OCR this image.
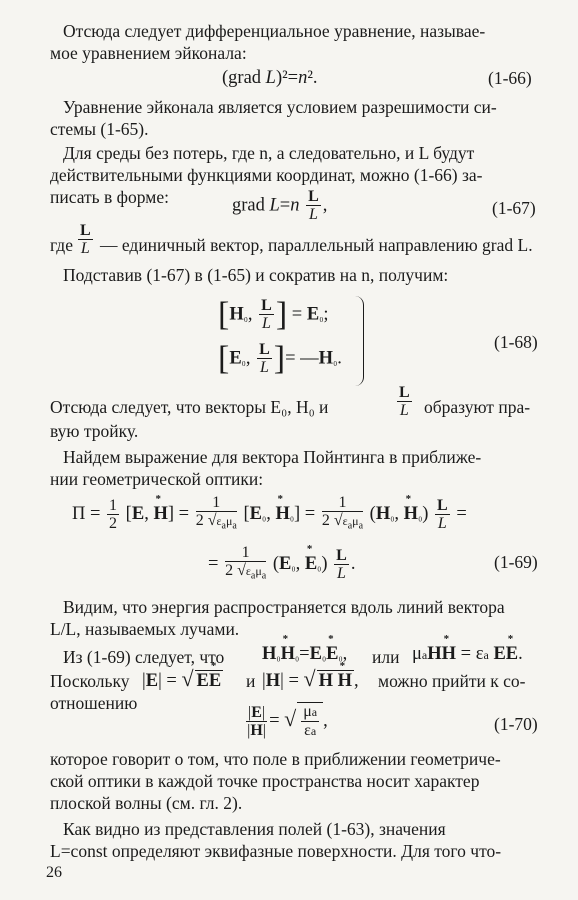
Отсюда следует дифференциальное уравнение, называе-
мое уравнением эйконала:
(grad L)²=n².	(1-66)
Уравнение эйконала является условием разрешимости си-
стемы (1-65).
Для среды без потерь, где n, а следовательно, и L будут
действительными функциями координат, можно (1-66) за-
писать в форме:	grad $L=n \frac{L}{L}$ ,	(1-67)
где $\frac{L}{L}$ — единичный вектор, параллельный направлению grad L.
Подставив (1-67) в (1-65) и сократив на n, получим:
[H₀, $\frac{L}{L}$ ] = E₀;
[E₀, $\frac{L}{L}$ ]= —H₀.
(1-68)
Отсюда следует, что векторы E₀, H₀ и	$\frac{L}{L}$ образуют пра-
вую тройку.
Найдем выражение для вектора Пойнтинга в приближе-
нии геометрической оптики:
$\Pi = \frac{1}{2} [E$, * $H] = \frac{1}{2 √\varepsilon_a\mu_a} [E_0$, * $H_0] = \frac{1}{2 √\varepsilon_a\mu_a} (H_0$, * $H_0) \frac{L}{L}$ =
= $\frac{1}{2 √\varepsilon_a\mu_a} (E_0$, * $E_0) \frac{L}{L}$ .	(1-69)
Видим, что энергия распространяется вдоль линий вектора
L/L, называемых лучами.
Из (1-69) следует, что H₀* H₀=E₀* E₀, или μaH* H = εa E* E.
Поскольку |E| = √ E* E и |H| = √ H * H , можно прийти к со-
отношению
$\frac{|E|}{|H|}$ = √ $\frac{\mu a}{\varepsilon a}$ ,	(1-70)
которое говорит о том, что поле в приближении геометриче-
ской оптики в каждой точке пространства носит характер
плоской волны (см. гл. 2).
Как видно из представления полей (1-63), значения
L=const определяют эквифазные поверхности. Для того что-
26
